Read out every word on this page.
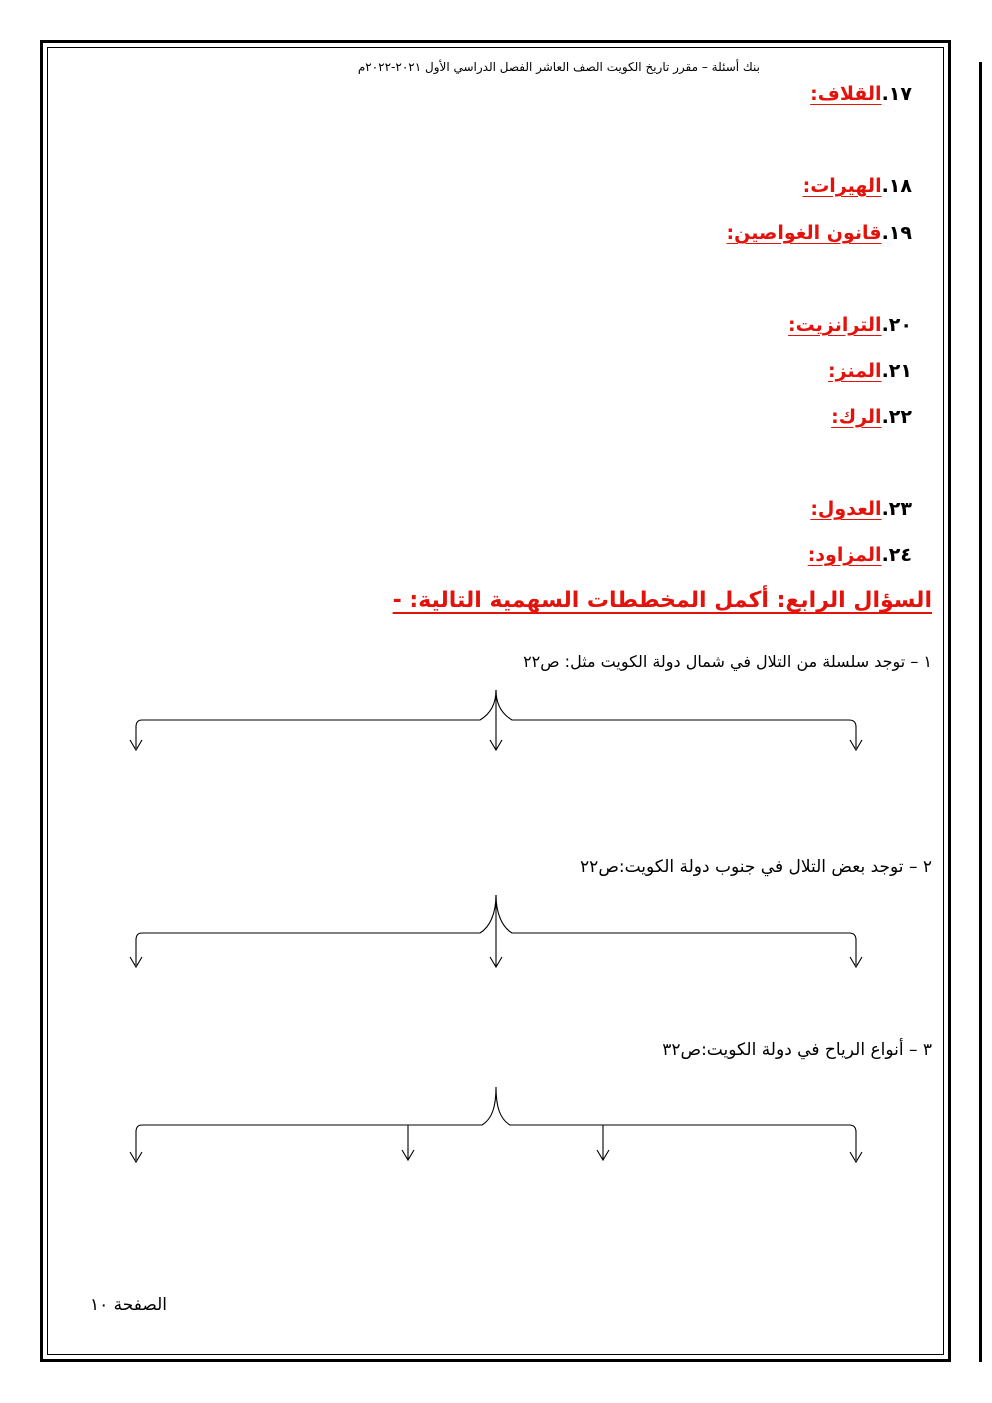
بنك أسئلة – مقرر تاريخ الكويت الصف العاشر الفصل الدراسي الأول ٢٠٢١-٢٠٢٢م
١٧.القلاف:
١٨.الهيرات:
١٩.قانون الغواصين:
٢٠.الترانزيت:
٢١.المنز:
٢٢.الرك:
٢٣.العدول:
٢٤.المزاود:
السؤال الرابع: أكمل المخططات السهمية التالية: -
١ – توجد سلسلة من التلال في شمال دولة الكويت مثل: ص٢٢
٢ – توجد بعض التلال في جنوب دولة الكويت:ص٢٢
٣ – أنواع الرياح في دولة الكويت:ص٣٢
الصفحة ١٠
